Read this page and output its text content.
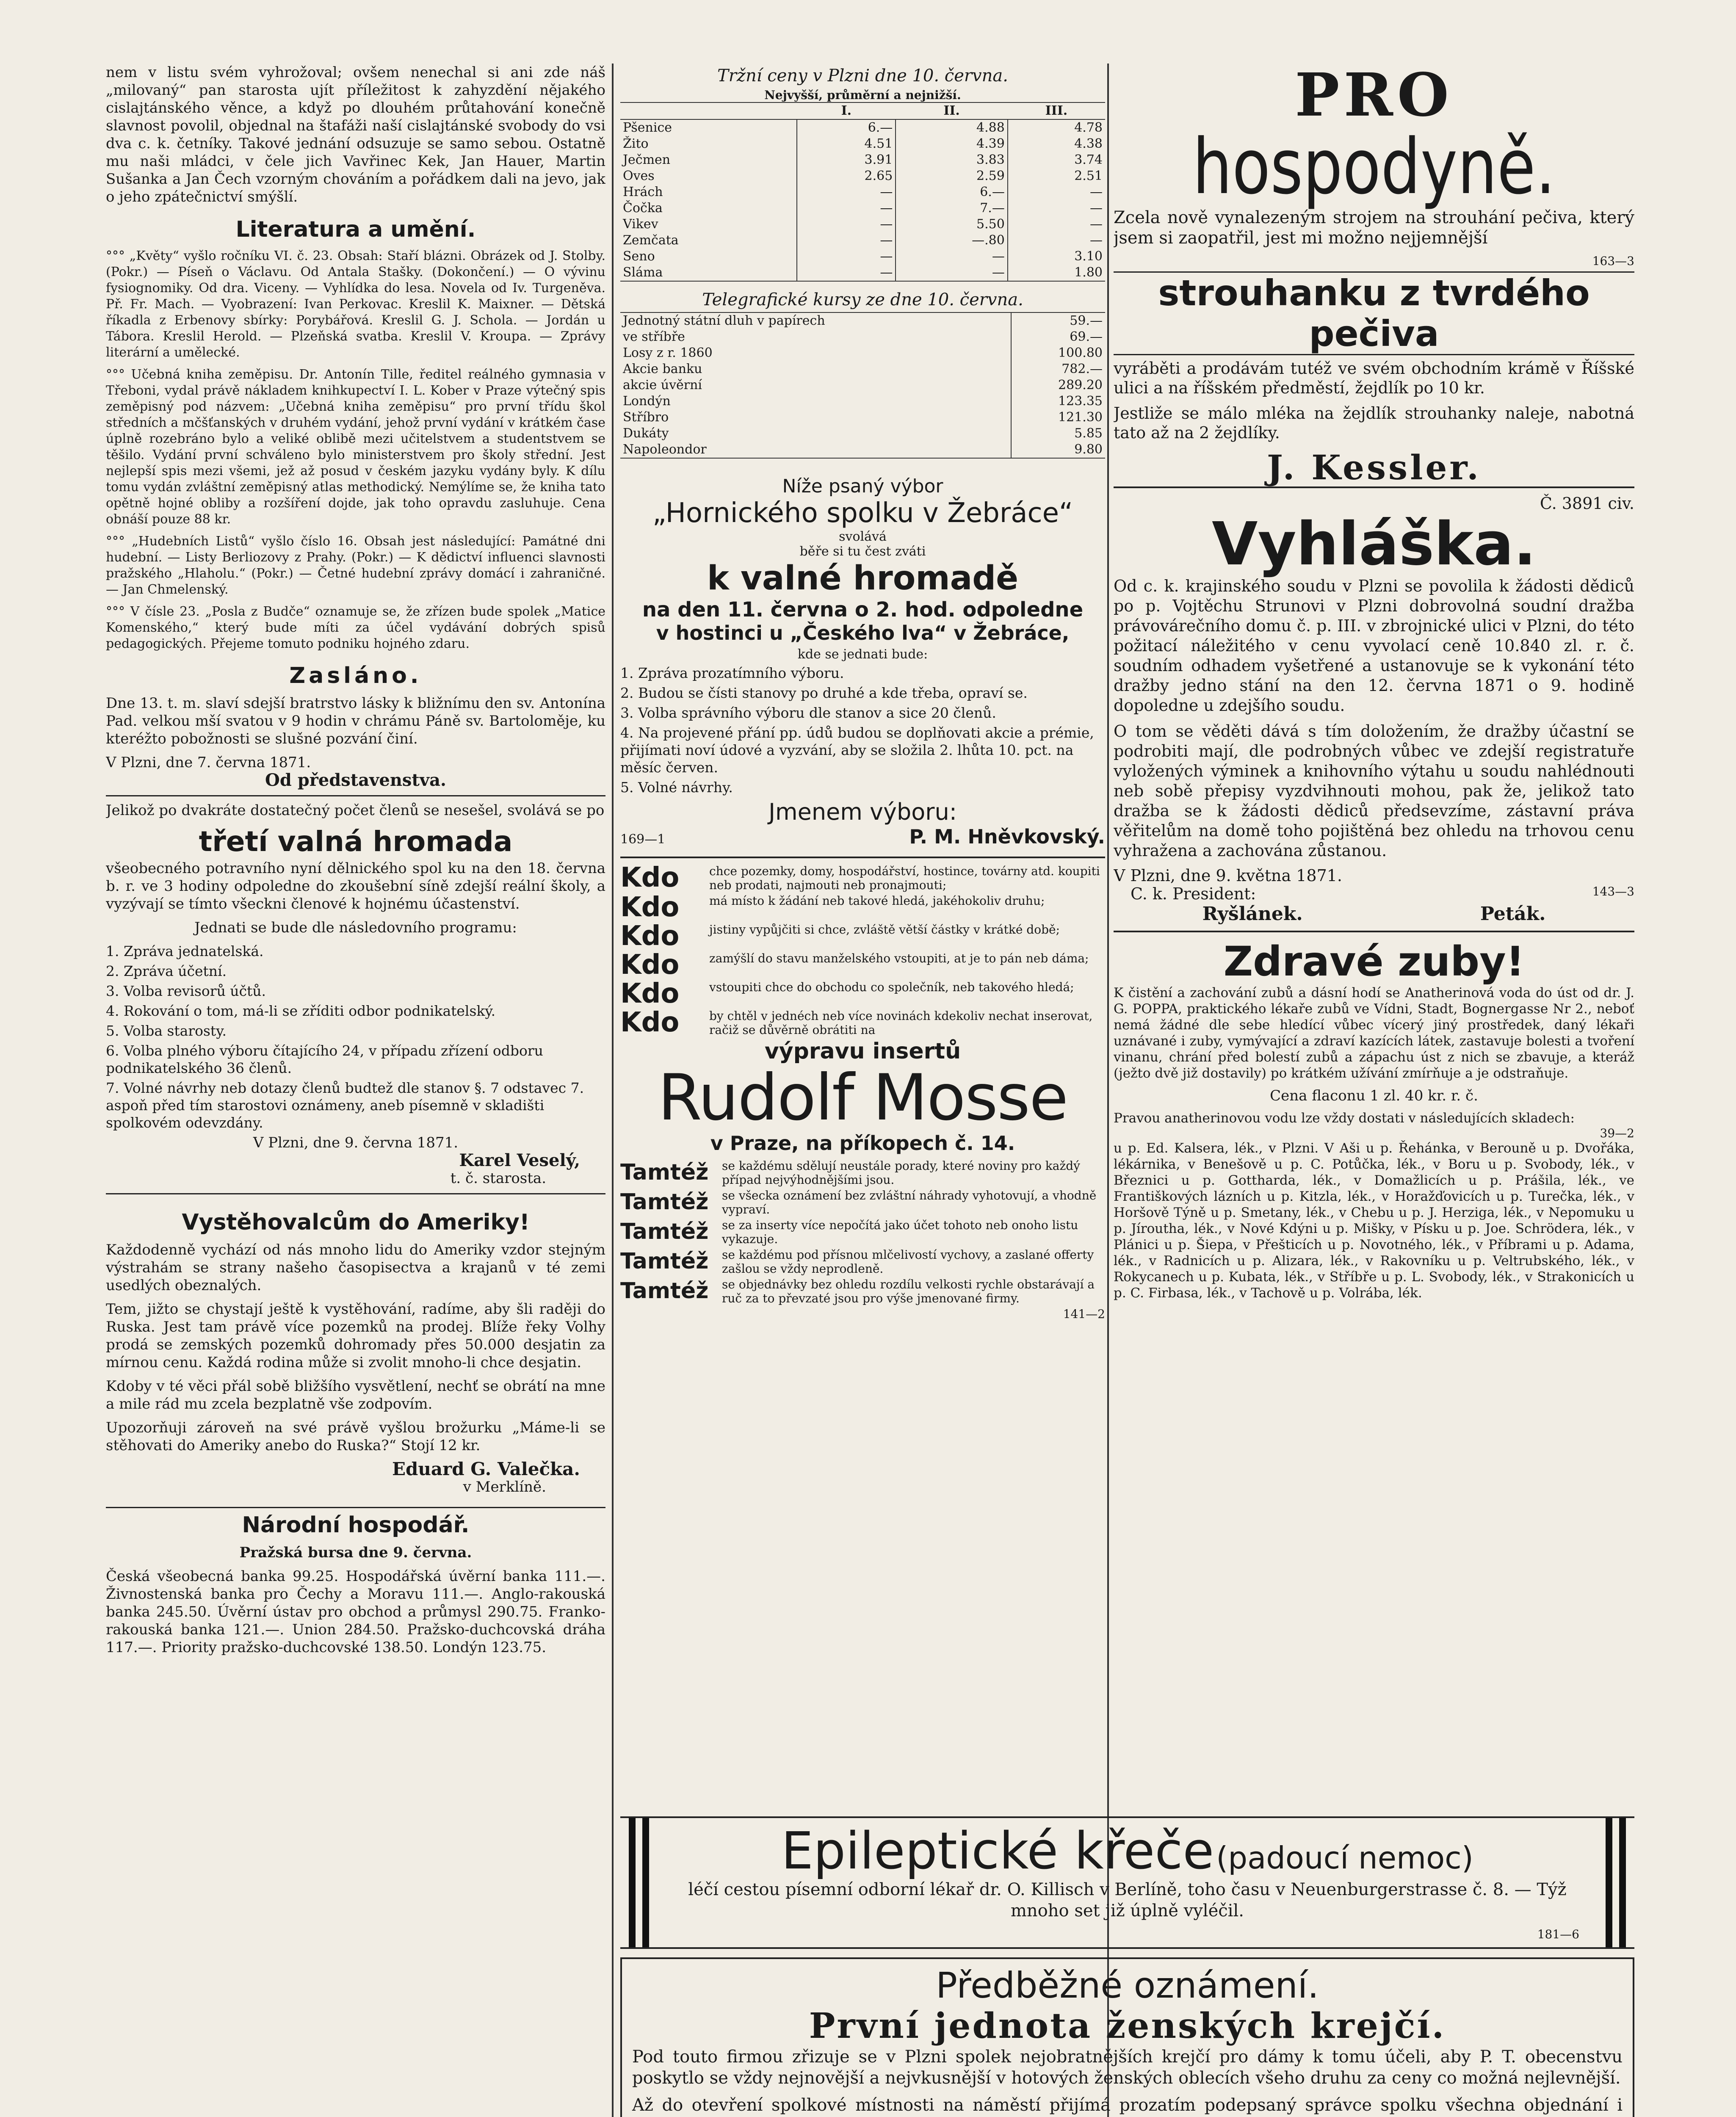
nem v listu svém vyhrožoval; ovšem nenechal si ani zde náš „milovaný“ pan starosta ujít příležitost k zahyzdění nějakého cislajtánského věnce, a když po dlouhém průtahování konečně slavnost povolil, objednal na štafáži naší cislajtánské svobody do vsi dva c. k. četníky. Takové jednání odsuzuje se samo sebou. Ostatně mu naši mládci, v čele jich Vavřinec Kek, Jan Hauer, Martin Sušanka a Jan Čech vzorným chováním a pořádkem dali na jevo, jak o jeho zpátečnictví smýšlí.

Literatura a umění.

°°° „Květy“ vyšlo ročníku VI. č. 23. Obsah: Staří blázni. Obrázek od J. Stolby. (Pokr.) — Píseň o Václavu. Od Antala Stašky. (Dokončení.) — O vývinu fysiognomiky. Od dra. Viceny. — Vyhlídka do lesa. Novela od Iv. Turgeněva. Př. Fr. Mach. — Vyobrazení: Ivan Perkovac. Kreslil K. Maixner. — Dětská říkadla z Erbenovy sbírky: Porybářová. Kreslil G. J. Schola. — Jordán u Tábora. Kreslil Herold. — Plzeňská svatba. Kreslil V. Kroupa. — Zprávy literární a umělecké.

°°° Učebná kniha zeměpisu. Dr. Antonín Tille, ředitel reálného gymnasia v Třeboni, vydal právě nákladem knihkupectví I. L. Kober v Praze výtečný spis zeměpisný pod názvem: „Učebná kniha zeměpisu“ pro první třídu škol středních a mčšťanských v druhém vydání, jehož první vydání v krátkém čase úplně rozebráno bylo a veliké oblibě mezi učitelstvem a studentstvem se těšilo. Vydání první schváleno bylo ministerstvem pro školy střední. Jest nejlepší spis mezi všemi, jež až posud v českém jazyku vydány byly. K dílu tomu vydán zvláštní zeměpisný atlas methodický. Nemýlíme se, že kniha tato opětně hojné obliby a rozšíření dojde, jak toho opravdu zasluhuje. Cena obnáší pouze 88 kr.

°°° „Hudebních Listů“ vyšlo číslo 16. Obsah jest následující: Památné dni hudební. — Listy Berliozovy z Prahy. (Pokr.) — K dědictví influenci slavnosti pražského „Hlaholu.“ (Pokr.) — Četné hudební zprávy domácí i zahraničné. — Jan Chmelenský.

°°° V čísle 23. „Posla z Budče“ oznamuje se, že zřízen bude spolek „Matice Komenského,“ který bude míti za účel vydávání dobrých spisů pedagogických. Přejeme tomuto podniku hojného zdaru.

Zasláno.

Dne 13. t. m. slaví sdejší bratrstvo lásky k bližnímu den sv. Antonína Pad. velkou mší svatou v 9 hodin v chrámu Páně sv. Bartoloměje, ku kteréžto pobožnosti se slušné pozvání činí.

V Plzni, dne 7. června 1871.

Od představenstva.

Jelikož po dvakráte dostatečný počet členů se nesešel, svolává se po

třetí valná hromada

všeobecného potravního nyní dělnického spol ku na den 18. června b. r. ve 3 hodiny odpoledne do zkoušební síně zdejší reální školy, a vyzývají se tímto všeckni členové k hojnému účastenství.

Jednati se bude dle následovního programu:

1. Zpráva jednatelská.

2. Zpráva účetní.

3. Volba revisorů účtů.

4. Rokování o tom, má-li se zříditi odbor podnikatelský.

5. Volba starosty.

6. Volba plného výboru čítajícího 24, v případu zřízení odboru podnikatelského 36 členů.

7. Volné návrhy neb dotazy členů budtež dle stanov §. 7 odstavec 7. aspoň před tím starostovi oznámeny, aneb písemně v skladišti spolkovém odevzdány.

V Plzni, dne 9. června 1871.

Karel Veselý,

t. č. starosta.

Vystěhovalcům do Ameriky!

Každodenně vychází od nás mnoho lidu do Ameriky vzdor stejným výstrahám se strany našeho časopisectva a krajanů v té zemi usedlých obeznalých.

Tem, jižto se chystají ještě k vystěhování, radíme, aby šli raději do Ruska. Jest tam právě více pozemků na prodej. Blíže řeky Volhy prodá se zemských pozemků dohromady přes 50.000 desjatin za mírnou cenu. Každá rodina může si zvolit mnoho-li chce desjatin.

Kdoby v té věci přál sobě bližšího vysvětlení, nechť se obrátí na mne a mile rád mu zcela bezplatně vše zodpovím.

Upozorňuji zároveň na své právě vyšlou brožurku „Máme-li se stěhovati do Ameriky anebo do Ruska?“ Stojí 12 kr.

Eduard G. Valečka.

v Merklíně.

Národní hospodář.

Pražská bursa dne 9. června.

Česká všeobecná banka 99.25. Hospodářská úvěrní banka 111.—. Živnostenská banka pro Čechy a Moravu 111.—. Anglo-rakouská banka 245.50. Úvěrní ústav pro obchod a průmysl 290.75. Franko-rakouská banka 121.—. Union 284.50. Pražsko-duchcovská dráha 117.—. Priority pražsko-duchcovské 138.50. Londýn 123.75.

Tržní ceny v Plzni dne 10. června.
Nejvyšší, průměrní a nejnižší.
	I.	II.	III.
Pšenice	6.—	4.88	4.78
Žito	4.51	4.39	4.38
Ječmen	3.91	3.83	3.74
Oves	2.65	2.59	2.51
Hrách	—	6.—	—
Čočka	—	7.—	—
Vikev	—	5.50	—
Zemčata	—	—.80	—
Seno	—	—	3.10
Sláma	—	—	1.80
Telegrafické kursy ze dne 10. června.
Jednotný státní dluh v papírech	59.—
ve stříbře	69.—
Losy z r. 1860	100.80
Akcie banku	782.—
akcie úvěrní	289.20
Londýn	123.35
Stříbro	121.30
Dukáty	5.85
Napoleondor	9.80
Níže psaný výbor
„Hornického spolku v Žebráce“
svolává
běře si tu čest zváti
k valné hromadě
na den 11. června o 2. hod. odpoledne
v hostinci u „Českého lva“ v Žebráce,
kde se jednati bude:

1. Zpráva prozatímního výboru.

2. Budou se čísti stanovy po druhé a kde třeba, opraví se.

3. Volba správního výboru dle stanov a sice 20 členů.

4. Na projevené přání pp. údů budou se doplňovati akcie a prémie, přijímati noví údové a vyzvání, aby se složila 2. lhůta 10. pct. na měsíc červen.

5. Volné návrhy.

Jmenem výboru:
169—1	P. M. Hněvkovský.
Kdo	chce pozemky, domy, hospodářství, hostince, továrny atd. koupiti neb prodati, najmouti neb pronajmouti;
Kdo	má místo k žádání neb takové hledá, jakéhokoliv druhu;
Kdo	jistiny vypůjčiti si chce, zvláště větší částky v krátké době;
Kdo	zamýšlí do stavu manželského vstoupiti, at je to pán neb dáma;
Kdo	vstoupiti chce do obchodu co společník, neb takového hledá;
Kdo	by chtěl v jednéch neb více novinách kdekoliv nechat inserovat, račiž se důvěrně obrátiti na
výpravu insertů
Rudolf Mosse
v Praze, na příkopech č. 14.
Tamtéž	se každému sdělují neustále porady, které noviny pro každý případ nejvýhodnějšími jsou.
Tamtéž	se všecka oznámení bez zvláštní náhrady vyhotovují, a vhodně vypraví.
Tamtéž	se za inserty více nepočítá jako účet tohoto neb onoho listu vykazuje.
Tamtéž	se každému pod přísnou mlčelivostí vychovy, a zaslané offerty zašlou se vždy neprodleně.
Tamtéž	se objednávky bez ohledu rozdílu velkosti rychle obstarávají a ruč za to převzaté jsou pro výše jmenované firmy.
141—2
PRO
hospodyně.

Zcela nově vynalezeným strojem na strouhání pečiva, který jsem si zaopatřil, jest mi možno nejjemnější

163—3
strouhanku z tvrdého pečiva

vyráběti a prodávám tutéž ve svém obchodním krámě v Říšské ulici a na říšském předměstí, žejdlík po 10 kr.

Jestliže se málo mléka na žejdlík strouhanky naleje, nabotná tato až na 2 žejdlíky.

J. Kessler.
Č. 3891 civ.
Vyhláška.

Od c. k. krajinského soudu v Plzni se povolila k žádosti dědiců po p. Vojtěchu Strunovi v Plzni dobrovolná soudní dražba právovárečního domu č. p. III. v zbrojnické ulici v Plzni, do této požitací náležitého v cenu vyvolací ceně 10.840 zl. r. č. soudním odhadem vyšetřené a ustanovuje se k vykonání této dražby jedno stání na den 12. června 1871 o 9. hodině dopoledne u zdejšího soudu.

O tom se věděti dává s tím doložením, že dražby účastní se podrobiti mají, dle podrobných vůbec ve zdejší registratuře vyložených výminek a knihovního výtahu u soudu nahlédnouti neb sobě přepisy vyzdvihnouti mohou, pak že, jelikož tato dražba se k žádosti dědiců předsevzíme, zástavní práva věřitelům na domě toho pojištěná bez ohledu na trhovou cenu vyhražena a zachována zůstanou.

V Plzni, dne 9. května 1871.

C. k. President:	143—3
Ryšlánek.	Peták.
Zdravé zuby!

K čistění a zachování zubů a dásní hodí se Anatherinová voda do úst od dr. J. G. POPPA, praktického lékaře zubů ve Vídni, Stadt, Bognergasse Nr 2., neboť nemá žádné dle sebe hledící vůbec vícerý jiný prostředek, daný lékaři uznávané i zuby, vymývající a zdraví kazících látek, zastavuje bolesti a tvoření vinanu, chrání před bolestí zubů a zápachu úst z nich se zbavuje, a kteráž (ježto dvě již dostavily) po krátkém užívání zmírňuje a je odstraňuje.

Cena flaconu 1 zl. 40 kr. r. č.

Pravou anatherinovou vodu lze vždy dostati v následujících skladech:

39—2

u p. Ed. Kalsera, lék., v Plzni. V Aši u p. Řehánka, v Berouně u p. Dvořáka, lékárnika, v Benešově u p. C. Potůčka, lék., v Boru u p. Svobody, lék., v Březnici u p. Gottharda, lék., v Domažlicích u p. Prášila, lék., ve Františkových lázních u p. Kitzla, lék., v Horažďovicích u p. Turečka, lék., v Horšově Týně u p. Smetany, lék., v Chebu u p. J. Herziga, lék., v Nepomuku u p. Jíroutha, lék., v Nové Kdýni u p. Mišky, v Písku u p. Joe. Schrödera, lék., v Plánici u p. Šiepa, v Přešticích u p. Novotného, lék., v Příbrami u p. Adama, lék., v Radnicích u p. Alizara, lék., v Rakovníku u p. Veltrubského, lék., v Rokycanech u p. Kubata, lék., v Stříbře u p. L. Svobody, lék., v Strakonicích u p. C. Firbasa, lék., v Tachově u p. Volrába, lék.

Epileptické křeče (padoucí nemoc)

léčí cestou písemní odborní lékař dr. O. Killisch v Berlíně, toho času v Neuenburgerstrasse č. 8. — Týž mnoho set již úplně vyléčil.

181—6
Předběžné oznámení.
První jednota ženských krejčí.

Pod touto firmou zřizuje se v Plzni spolek nejobratnějších krejčí pro dámy k tomu účeli, aby P. T. obecenstvu poskytlo se vždy nejnovější a nejvkusnější v hotových ženských oblecích všeho druhu za ceny co možná nejlevnější.

Až do otevření spolkové místnosti na náměstí přijímá prozatím podepsaný správce spolku všechna objednání i
